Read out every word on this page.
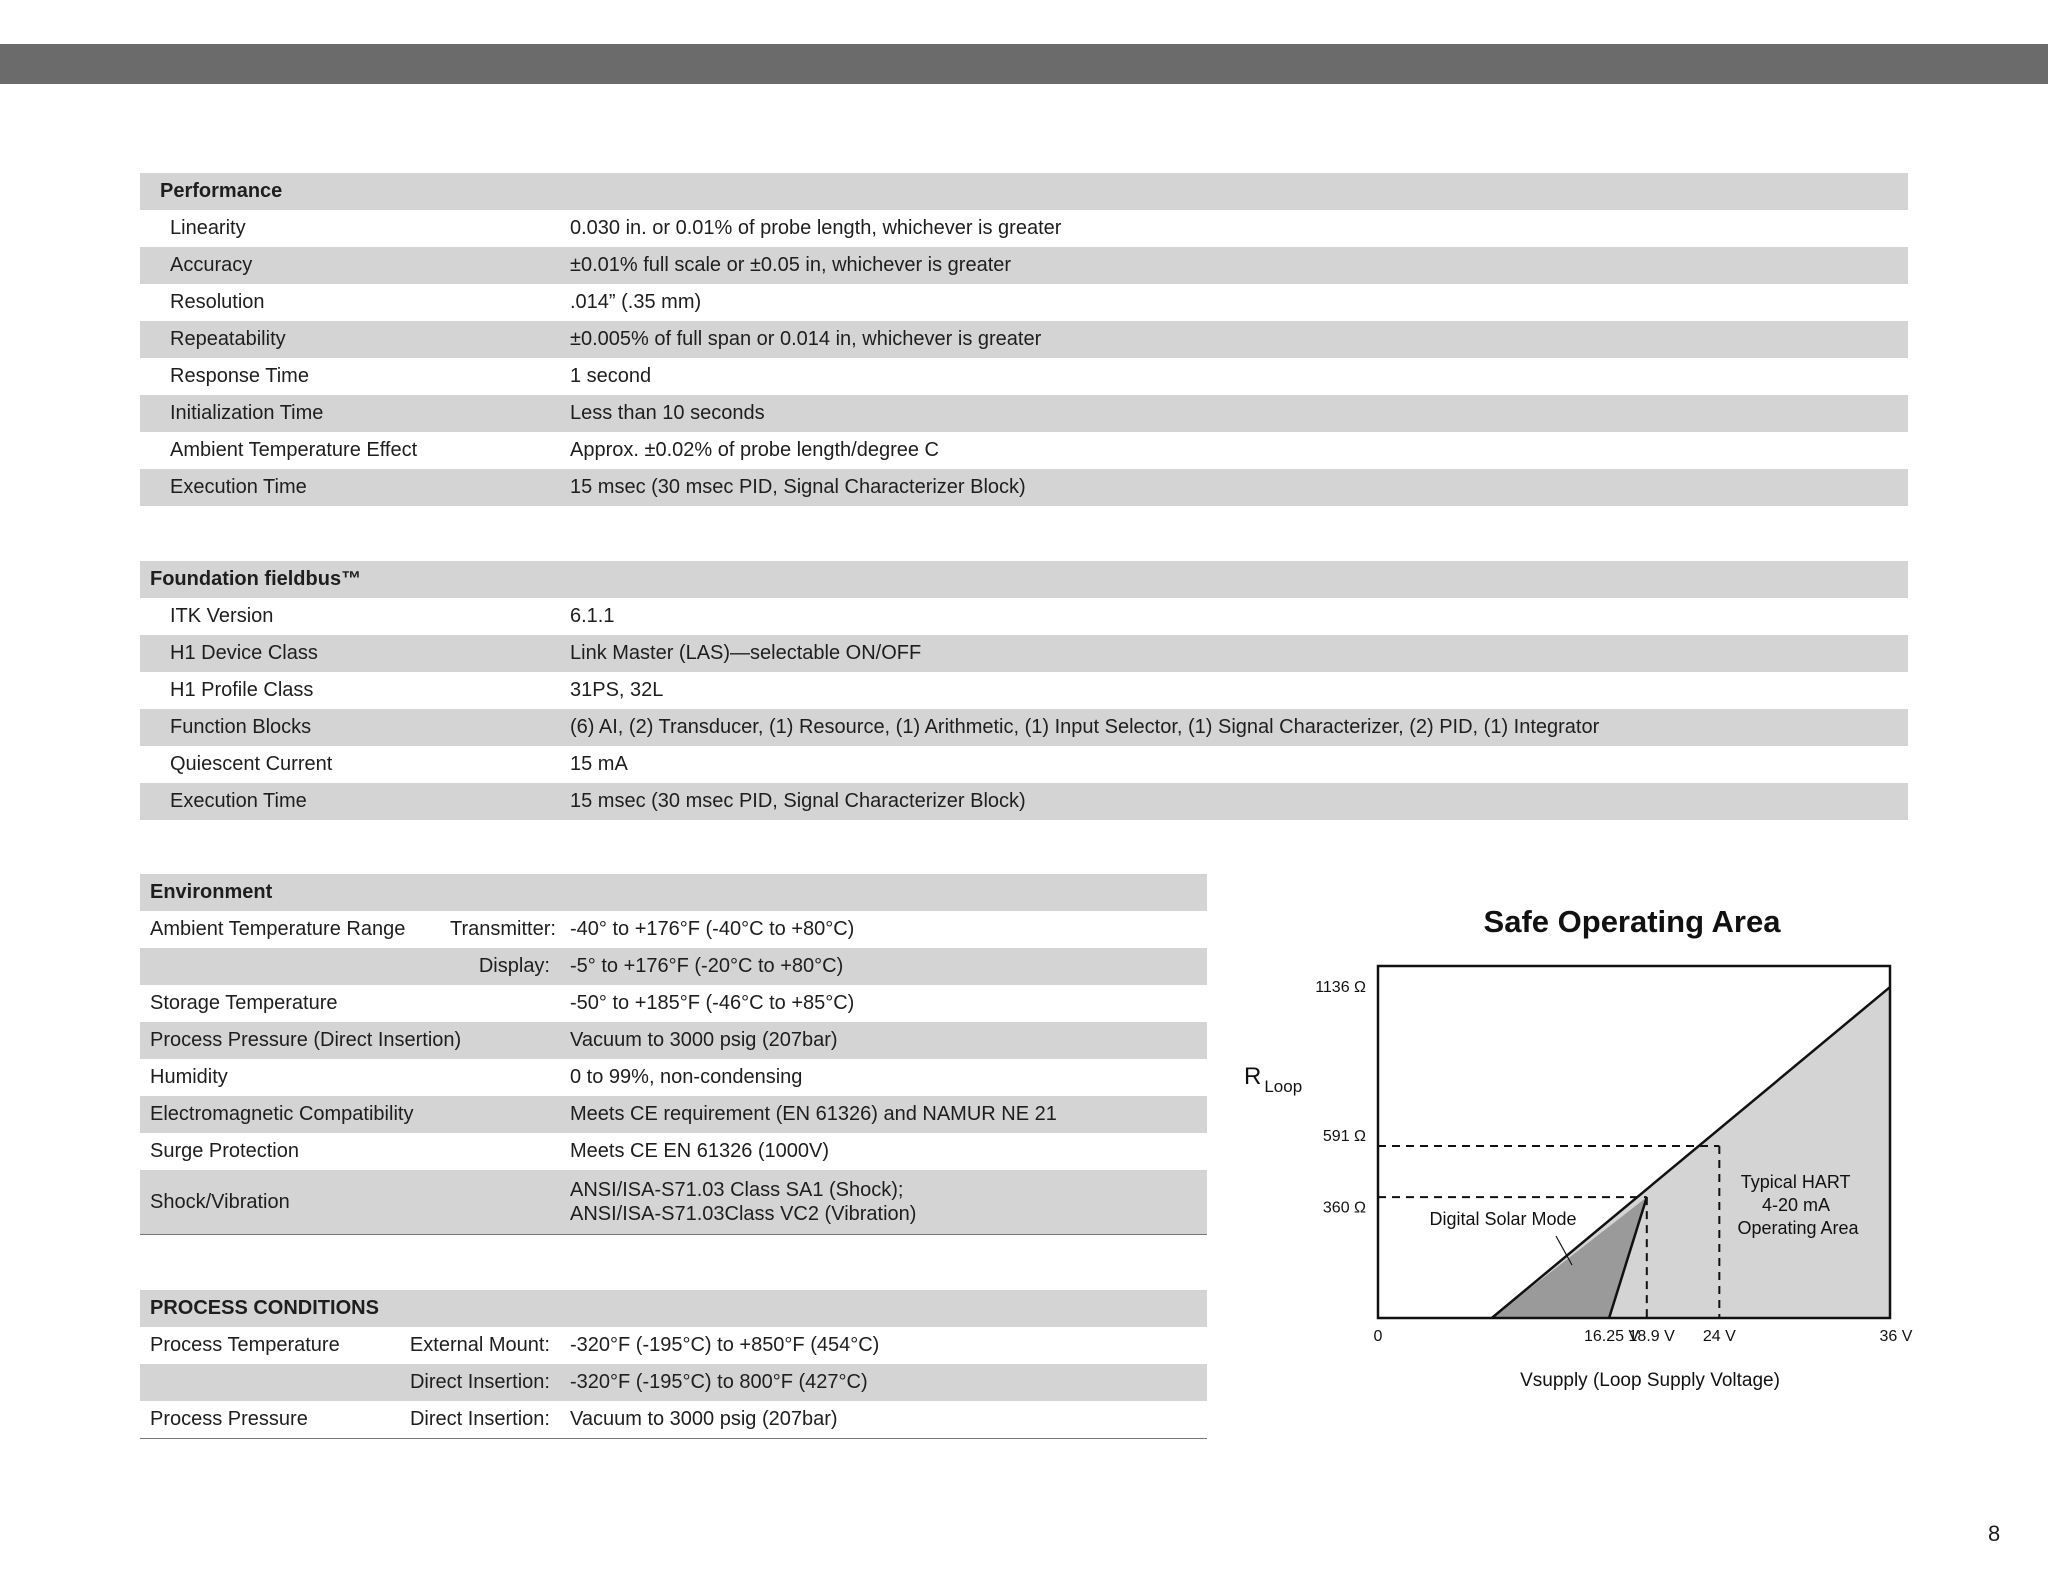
Performance	
Linearity	0.030 in. or 0.01% of probe length, whichever is greater
Accuracy	±0.01% full scale or ±0.05 in, whichever is greater
Resolution	.014” (.35 mm)
Repeatability	±0.005% of full span or 0.014 in, whichever is greater
Response Time	1 second
Initialization Time	Less than 10 seconds
Ambient Temperature Effect	Approx. ±0.02% of probe length/degree C
Execution Time	15 msec (30 msec PID, Signal Characterizer Block)
Foundation fieldbus™	
ITK Version	6.1.1
H1 Device Class	Link Master (LAS)—selectable ON/OFF
H1 Profile Class	31PS, 32L
Function Blocks	(6) AI, (2) Transducer, (1) Resource, (1) Arithmetic, (1) Input Selector, (1) Signal Characterizer, (2) PID, (1) Integrator
Quiescent Current	15 mA
Execution Time	15 msec (30 msec PID, Signal Characterizer Block)
Environment		
Ambient Temperature Range	Transmitter:	-40° to +176°F (-40°C to +80°C)
	Display:	-5° to +176°F (-20°C to +80°C)
Storage Temperature		-50° to +185°F (-46°C to +85°C)
Process Pressure (Direct Insertion)		Vacuum to 3000 psig (207bar)
Humidity		0 to 99%, non-condensing
Electromagnetic Compatibility		Meets CE requirement (EN 61326) and NAMUR NE 21
Surge Protection		Meets CE EN 61326 (1000V)
Shock/Vibration		ANSI/ISA-S71.03 Class SA1 (Shock);
ANSI/ISA-S71.03Class VC2 (Vibration)
PROCESS CONDITIONS		
Process Temperature	External Mount:	-320°F (-195°C) to +850°F (454°C)
	Direct Insertion:	-320°F (-195°C) to 800°F (427°C)
Process Pressure	Direct Insertion:	Vacuum to 3000 psig (207bar)
Safe Operating Area
0	16.25 V
18.9 V 24 V	36 V
360 Ω
591 Ω
1136 Ω
R $_{Loop}$
Vsupply (Loop Supply Voltage)
Typical HART 4-20 mA Operating Area
Digital Solar Mode
8
